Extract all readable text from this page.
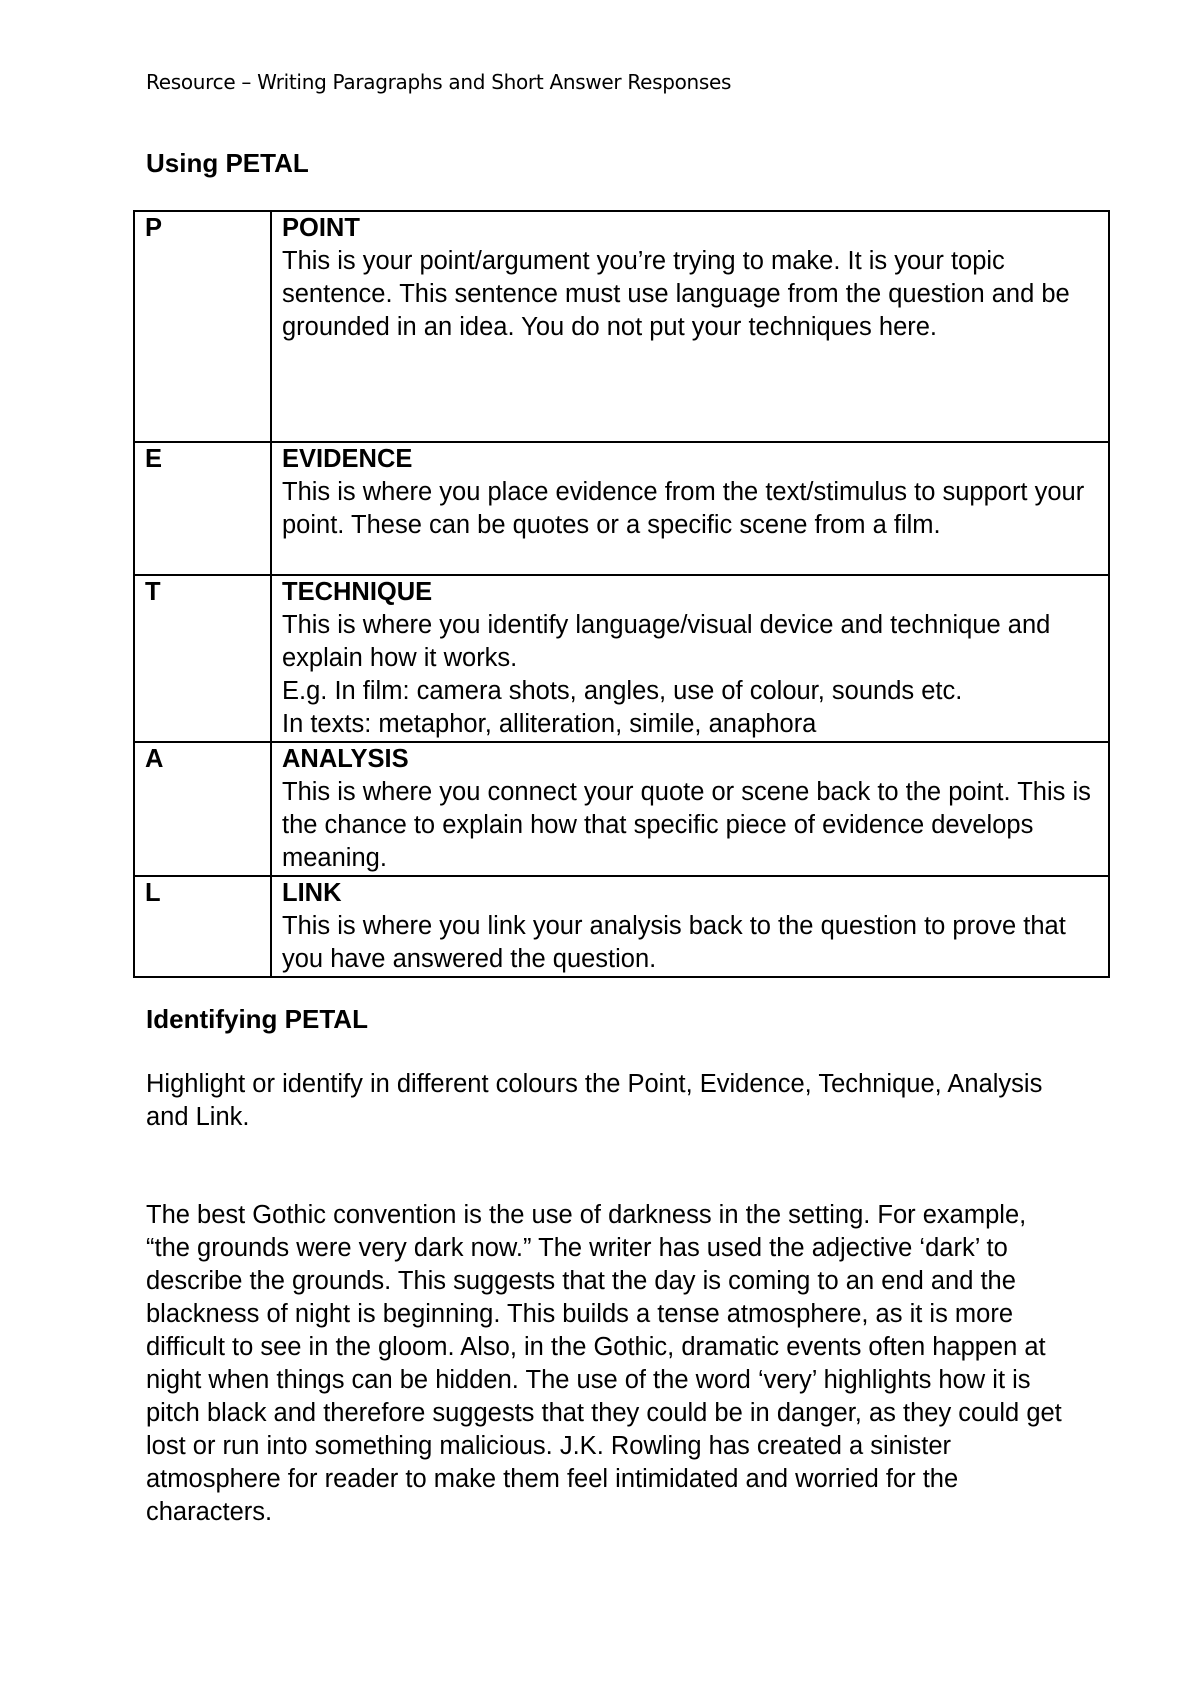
Resource – Writing Paragraphs and Short Answer Responses
Using PETAL
P	POINT
This is your point/argument you’re trying to make. It is your topic sentence. This sentence must use language from the question and be grounded in an idea. You do not put your techniques here.

E	EVIDENCE
This is where you place evidence from the text/stimulus to support your point. These can be quotes or a specific scene from a film.

T	TECHNIQUE
This is where you identify language/visual device and technique and explain how it works.
E.g. In film: camera shots, angles, use of colour, sounds etc.
In texts: metaphor, alliteration, simile, anaphora

A	ANALYSIS
This is where you connect your quote or scene back to the point. This is the chance to explain how that specific piece of evidence develops meaning.

L	LINK
This is where you link your analysis back to the question to prove that you have answered the question.
Identifying PETAL
Highlight or identify in different colours the Point, Evidence, Technique, Analysis and Link.
The best Gothic convention is the use of darkness in the setting. For example, “the grounds were very dark now.” The writer has used the adjective ‘dark’ to describe the grounds. This suggests that the day is coming to an end and the blackness of night is beginning. This builds a tense atmosphere, as it is more difficult to see in the gloom. Also, in the Gothic, dramatic events often happen at night when things can be hidden. The use of the word ‘very’ highlights how it is pitch black and therefore suggests that they could be in danger, as they could get lost or run into something malicious. J.K. Rowling has created a sinister atmosphere for reader to make them feel intimidated and worried for the characters.
